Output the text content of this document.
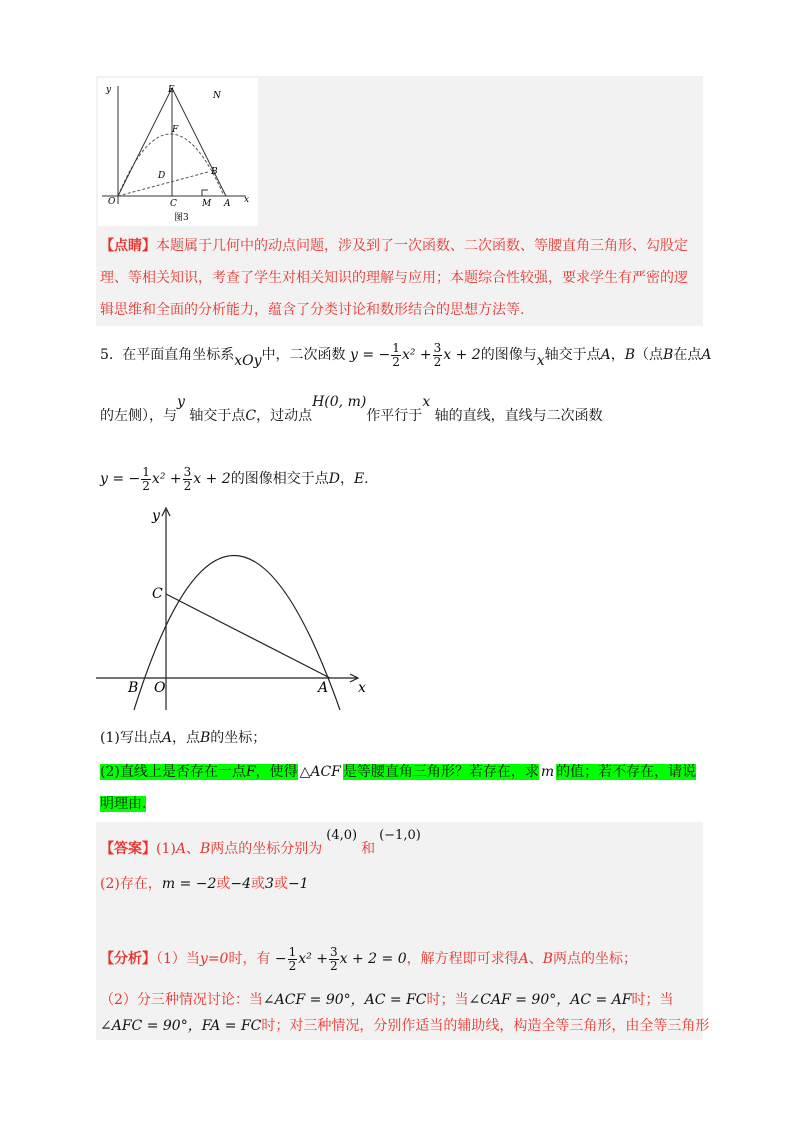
y	E
N
F
B
D
O	C	M A x
图3
【点睛】本题属于几何中的动点问题，涉及到了一次函数、二次函数、等腰直角三角形、勾股定
理、等相关知识，考查了学生对相关知识的理解与应用；本题综合性较强，要求学生有严密的逻
辑思维和全面的分析能力，蕴含了分类讨论和数形结合的思想方法等.
5. 在平面直角坐标系xOy中，二次函数 y = − $\frac{1}{2} x^2 + \frac{3}{2}$ x + 2的图像与x轴交于点A，B（点B在点A
的左侧），与y 轴交于点C，过动点H(0, m)作平行于x 轴的直线，直线与二次函数
y = − $\frac{1}{2} x^2 + \frac{3}{2}$ x + 2的图像相交于点D，E.
y
C
B O	A x
(1)写出点A，点B的坐标；
(2)直线上是否存在一点F，使得 △ACF 是等腰直角三角形？若存在，求 m 的值；若不存在，请说
明理由.
【答案】(1)A、B两点的坐标分别为(4,0)和(−1,0)
(2)存在，m = −2或−4或3或−1
【分析】（1）当y=0时，有 − $\frac{1}{2} x^2 + \frac{3}{2}$ x + 2 = 0，解方程即可求得A、B两点的坐标；
（2）分三种情况讨论：当∠ACF = 90°，AC = FC时；当∠CAF = 90°，AC = AF时；当
∠AFC = 90°，FA = FC时；对三种情况，分别作适当的辅助线，构造全等三角形，由全等三角形
